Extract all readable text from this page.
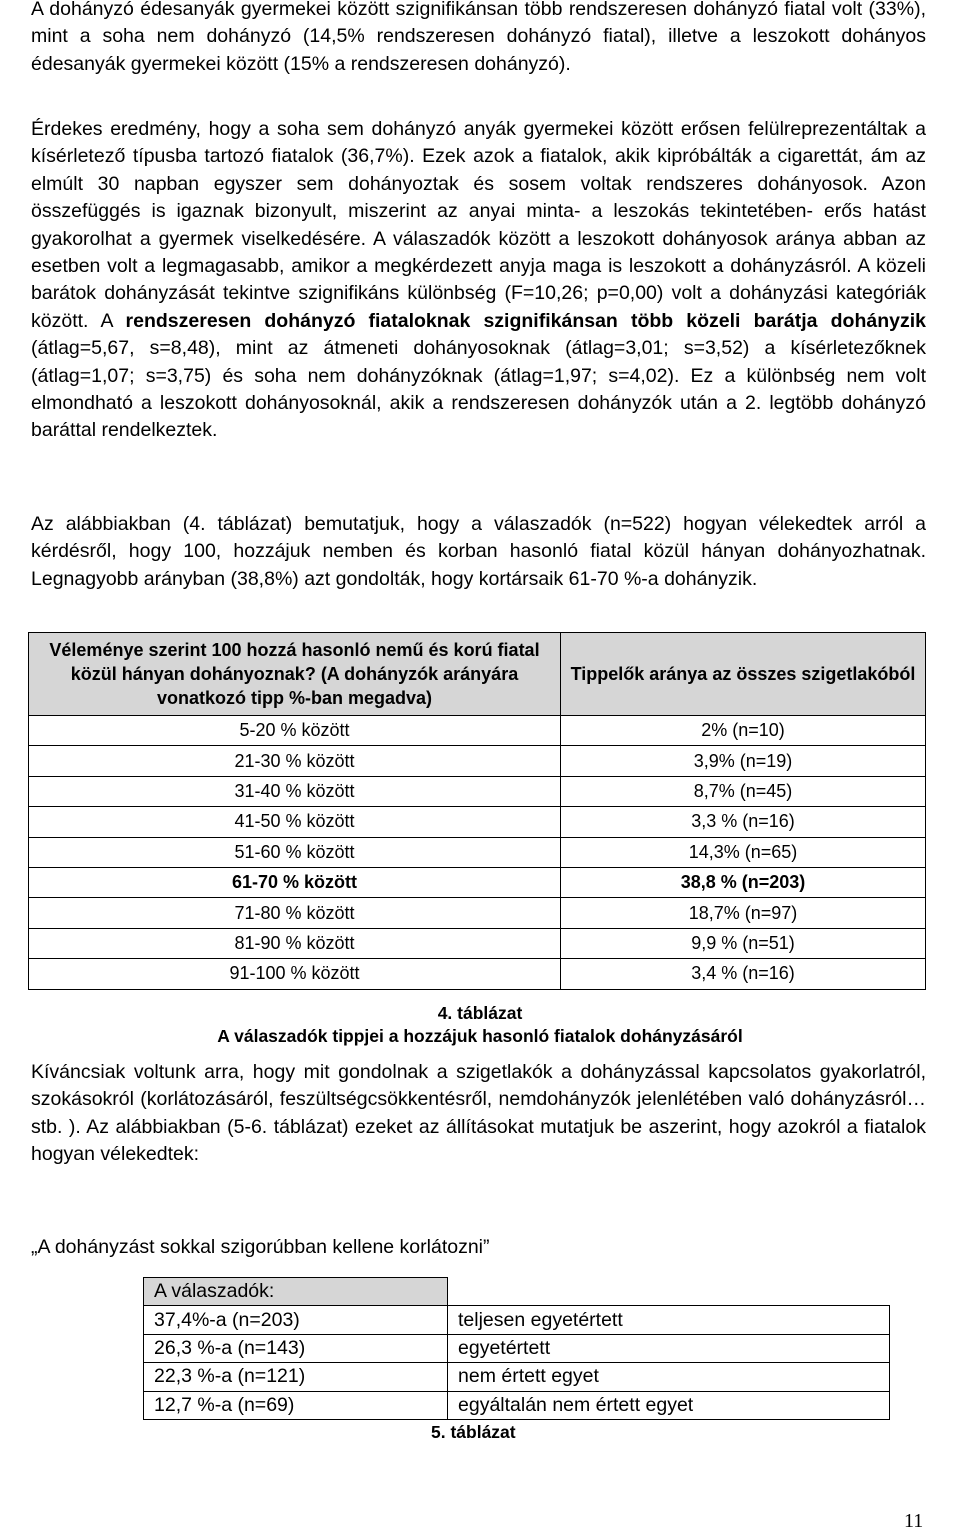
A dohányzó édesanyák gyermekei között szignifikánsan több rendszeresen dohányzó fiatal volt (33%), mint a soha nem dohányzó (14,5% rendszeresen dohányzó fiatal), illetve a leszokott dohányos édesanyák gyermekei között (15% a rendszeresen dohányzó).

Érdekes eredmény, hogy a soha sem dohányzó anyák gyermekei között erősen felülreprezentáltak a kísérletező típusba tartozó fiatalok (36,7%). Ezek azok a fiatalok, akik kipróbálták a cigarettát, ám az elmúlt 30 napban egyszer sem dohányoztak és sosem voltak rendszeres dohányosok. Azon összefüggés is igaznak bizonyult, miszerint az anyai minta- a leszokás tekintetében- erős hatást gyakorolhat a gyermek viselkedésére. A válaszadók között a leszokott dohányosok aránya abban az esetben volt a legmagasabb, amikor a megkérdezett anyja maga is leszokott a dohányzásról. A közeli barátok dohányzását tekintve szignifikáns különbség (F=10,26; p=0,00) volt a dohányzási kategóriák között. A rendszeresen dohányzó fiataloknak szignifikánsan több közeli barátja dohányzik (átlag=5,67, s=8,48), mint az átmeneti dohányosoknak (átlag=3,01; s=3,52) a kísérletezőknek (átlag=1,07; s=3,75) és soha nem dohányzóknak (átlag=1,97; s=4,02). Ez a különbség nem volt elmondható a leszokott dohányosoknál, akik a rendszeresen dohányzók után a 2. legtöbb dohányzó baráttal rendelkeztek.

Az alábbiakban (4. táblázat) bemutatjuk, hogy a válaszadók (n=522) hogyan vélekedtek arról a kérdésről, hogy 100, hozzájuk nemben és korban hasonló fiatal közül hányan dohányozhatnak. Legnagyobb arányban (38,8%) azt gondolták, hogy kortársaik 61-70 %-a dohányzik.

Véleménye szerint 100 hozzá hasonló nemű és korú fiatal közül hányan dohányoznak? (A dohányzók arányára vonatkozó tipp %-ban megadva)	Tippelők aránya az összes szigetlakóból
5-20 % között	2% (n=10)
21-30 % között	3,9% (n=19)
31-40 % között	8,7% (n=45)
41-50 % között	3,3 % (n=16)
51-60 % között	14,3% (n=65)
61-70 % között	38,8 % (n=203)
71-80 % között	18,7% (n=97)
81-90 % között	9,9 % (n=51)
91-100 % között	3,4 % (n=16)
4. táblázat
A válaszadók tippjei a hozzájuk hasonló fiatalok dohányzásáról

Kíváncsiak voltunk arra, hogy mit gondolnak a szigetlakók a dohányzással kapcsolatos gyakorlatról, szokásokról (korlátozásáról, feszültségcsökkentésről, nemdohányzók jelenlétében való dohányzásról…stb. ). Az alábbiakban (5-6. táblázat) ezeket az állításokat mutatjuk be aszerint, hogy azokról a fiatalok hogyan vélekedtek:

„A dohányzást sokkal szigorúbban kellene korlátozni”
A válaszadók:	
37,4%-a (n=203)	teljesen egyetértett
26,3 %-a (n=143)	egyetértett
22,3 %-a (n=121)	nem értett egyet
12,7 %-a (n=69)	egyáltalán nem értett egyet
5. táblázat
11
